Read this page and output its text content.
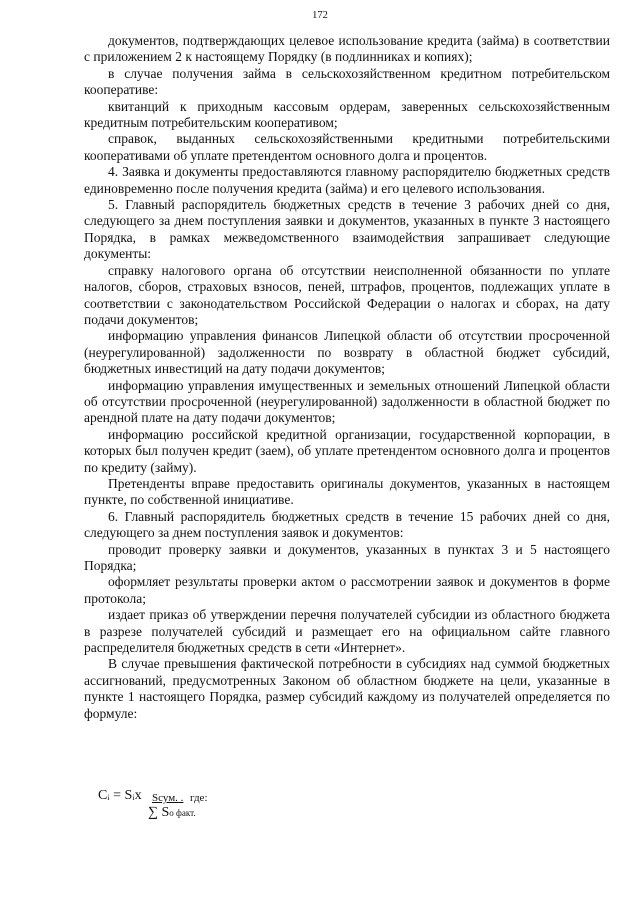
172

документов, подтверждающих целевое использование кредита (займа) в соответствии с приложением 2 к настоящему Порядку (в подлинниках и копиях);

в случае получения займа в сельскохозяйственном кредитном потребительском кооперативе:

квитанций к приходным кассовым ордерам, заверенных сельскохозяйственным кредитным потребительским кооперативом;

справок, выданных сельскохозяйственными кредитными потребительскими кооперативами об уплате претендентом основного долга и процентов.

4. Заявка и документы предоставляются главному распорядителю бюджетных средств единовременно после получения кредита (займа) и его целевого использования.

5. Главный распорядитель бюджетных средств в течение 3 рабочих дней со дня, следующего за днем поступления заявки и документов, указанных в пункте 3 настоящего Порядка, в рамках межведомственного взаимодействия запрашивает следующие документы:

справку налогового органа об отсутствии неисполненной обязанности по уплате налогов, сборов, страховых взносов, пеней, штрафов, процентов, подлежащих уплате в соответствии с законодательством Российской Федерации о налогах и сборах, на дату подачи документов;

информацию управления финансов Липецкой области об отсутствии просроченной (неурегулированной) задолженности по возврату в областной бюджет субсидий, бюджетных инвестиций на дату подачи документов;

информацию управления имущественных и земельных отношений Липецкой области об отсутствии просроченной (неурегулированной) задолженности в областной бюджет по арендной плате на дату подачи документов;

информацию российской кредитной организации, государственной корпорации, в которых был получен кредит (заем), об уплате претендентом основного долга и процентов по кредиту (займу).

Претенденты вправе предоставить оригиналы документов, указанных в настоящем пункте, по собственной инициативе.

6. Главный распорядитель бюджетных средств в течение 15 рабочих дней со дня, следующего за днем поступления заявок и документов:

проводит проверку заявки и документов, указанных в пунктах 3 и 5 настоящего Порядка;

оформляет результаты проверки актом о рассмотрении заявок и документов в форме протокола;

издает приказ об утверждении перечня получателей субсидии из областного бюджета в разрезе получателей субсидий и размещает его на официальном сайте главного распределителя бюджетных средств в сети «Интернет».

В случае превышения фактической потребности в субсидиях над суммой бюджетных ассигнований, предусмотренных Законом об областном бюджете на цели, указанные в пункте 1 настоящего Порядка, размер субсидий каждому из получателей определяется по формуле:

Cᵢ = Sᵢx Sсум. . где:
∑ Sо факт.
